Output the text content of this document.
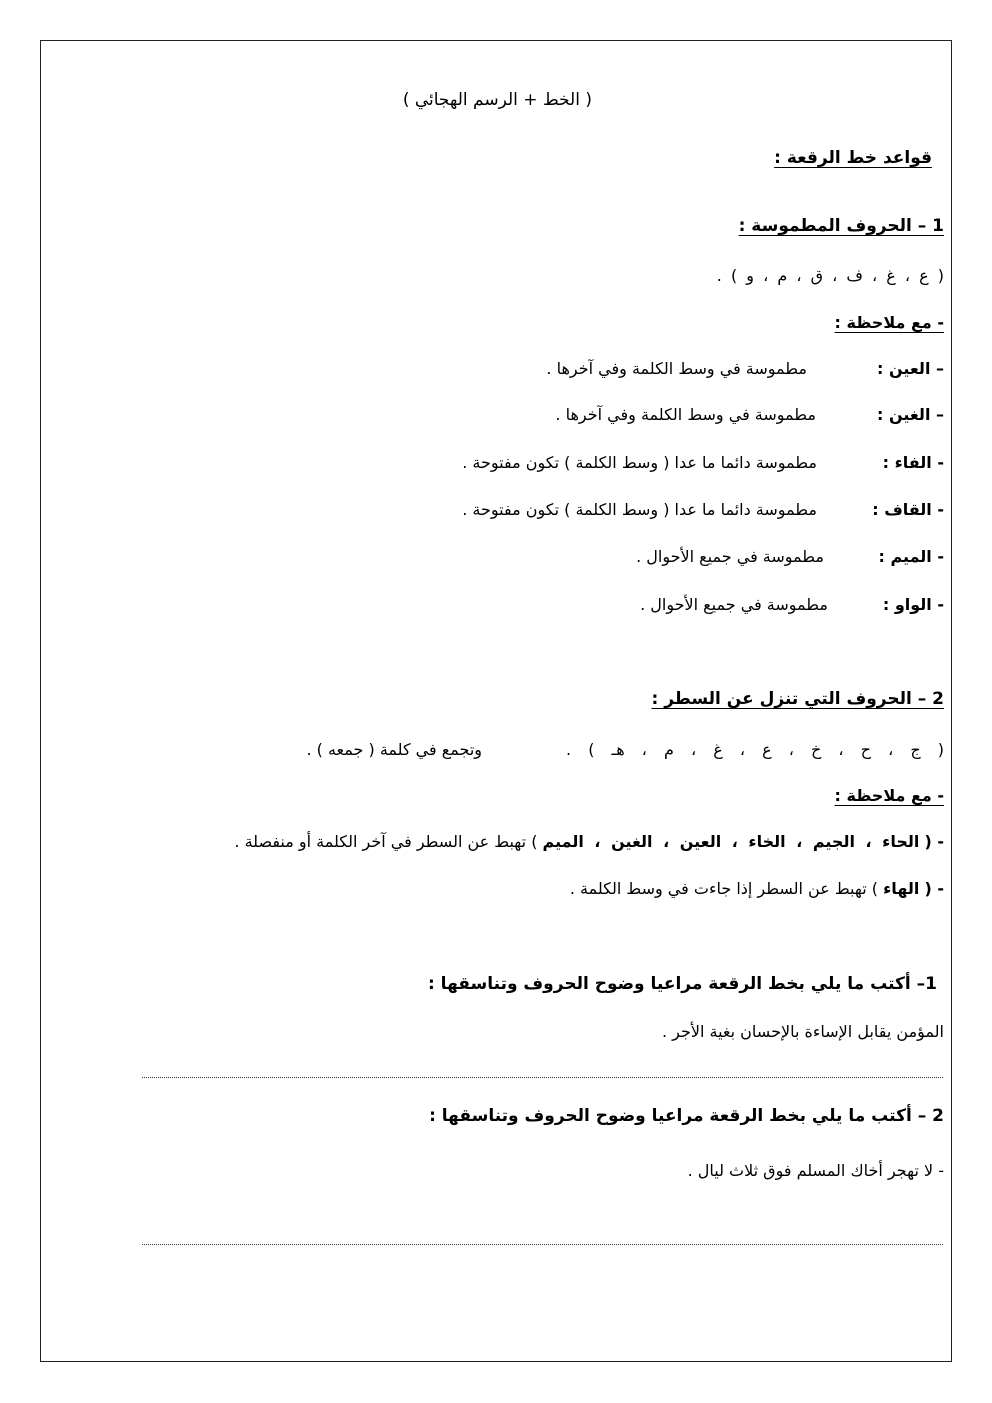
( الخط + الرسم الهجائي )
قواعد خط الرقعة :
1 – الحروف المطموسة :
( ع ، غ ، ف ، ق ، م ، و ) .
- مع ملاحظة :
– العين :
مطموسة في وسط الكلمة وفي آخرها .
– الغين :
مطموسة في وسط الكلمة وفي آخرها .
- الفاء :
مطموسة دائما ما عدا ( وسط الكلمة ) تكون مفتوحة .
- القاف :
مطموسة دائما ما عدا ( وسط الكلمة ) تكون مفتوحة .
- الميم :
مطموسة في جميع الأحوال .
- الواو :
مطموسة في جميع الأحوال .
2 – الحروف التي تنزل عن السطر :
( ج ، ح ، خ ، ع ، غ ، م ، هـ ) .
وتجمع في كلمة ( جمعه ) .
- مع ملاحظة :
- ( الحاء ، الجيم ، الخاء ، العين ، الغين ، الميم ) تهبط عن السطر في آخر الكلمة أو منفصلة .
- ( الهاء ) تهبط عن السطر إذا جاءت في وسط الكلمة .
1– أكتب ما يلي بخط الرقعة مراعيا وضوح الحروف وتناسقها :
المؤمن يقابل الإساءة بالإحسان بغية الأجر .
2 – أكتب ما يلي بخط الرقعة مراعيا وضوح الحروف وتناسقها :
- لا تهجر أخاك المسلم فوق ثلاث ليال .
